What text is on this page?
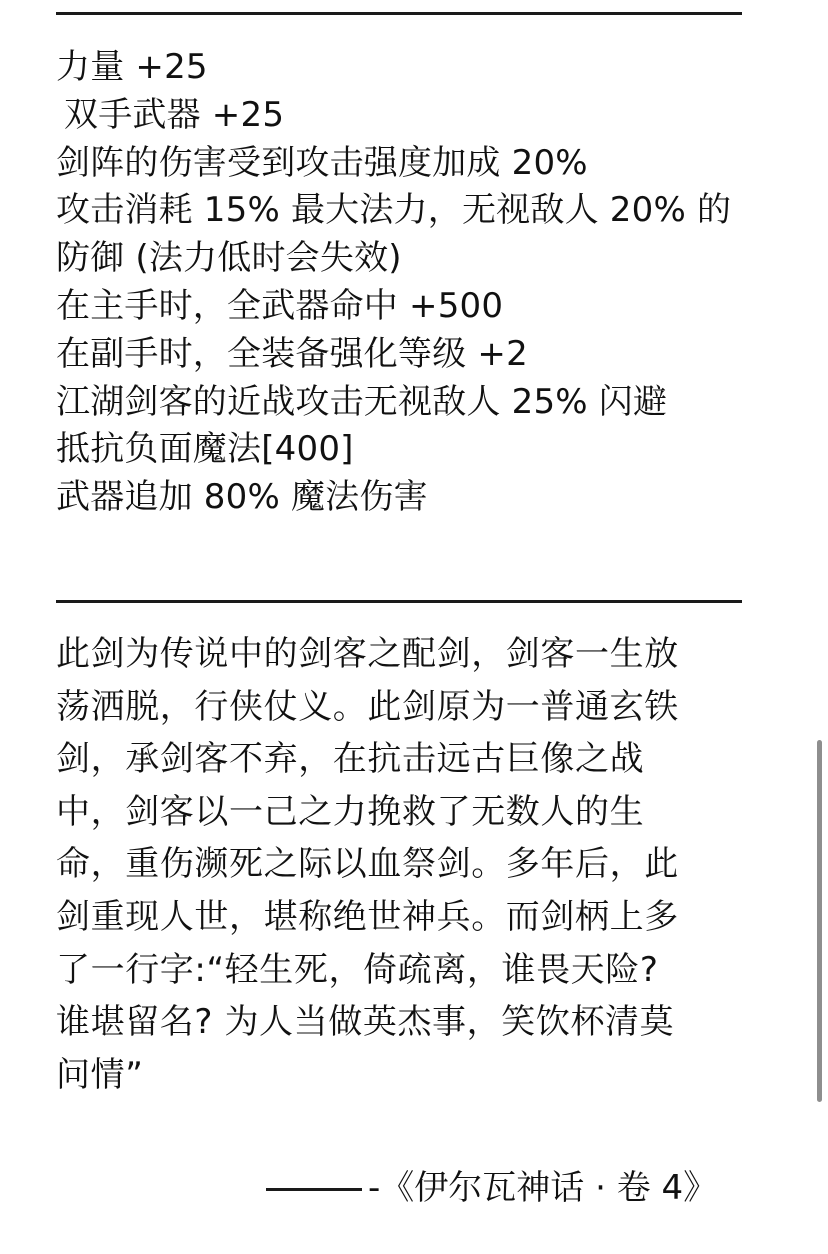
力量 +25
双手武器 +25
剑阵的伤害受到攻击强度加成 20%
攻击消耗 15% 最大法力，无视敌人 20% 的
防御 (法力低时会失效)
在主手时，全武器命中 +500
在副手时，全装备强化等级 +2
江湖剑客的近战攻击无视敌人 25% 闪避
抵抗负面魔法[400]
武器追加 80% 魔法伤害

此剑为传说中的剑客之配剑，剑客一生放
荡洒脱，行侠仗义。此剑原为一普通玄铁
剑，承剑客不弃，在抗击远古巨像之战
中，剑客以一己之力挽救了无数人的生
命，重伤濒死之际以血祭剑。多年后，此
剑重现人世，堪称绝世神兵。而剑柄上多
了一行字:“轻生死，倚疏离，谁畏天险?
谁堪留名? 为人当做英杰事，笑饮杯清莫
问情”

-《伊尔瓦神话 · 卷 4》
